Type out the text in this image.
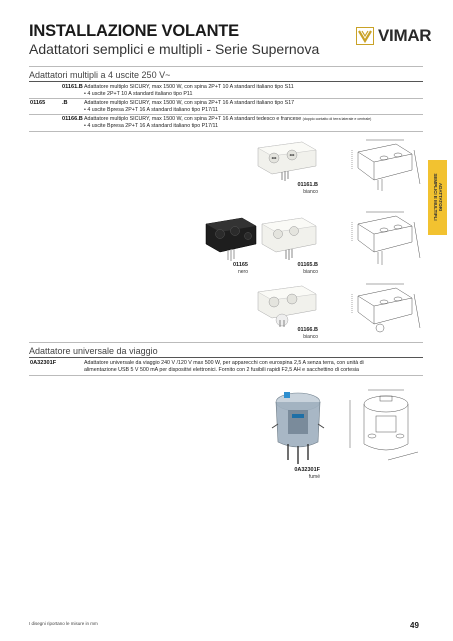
INSTALLAZIONE VOLANTE
Adattatori semplici e multipli - Serie Supernova
VIMAR
Adattatori multipli a 4 uscite 250 V~
01161.B Adattatore multiplo SICURY, max 1500 W, con spina 2P+T 10 A standard italiano tipo S11
• 4 uscite 2P+T 10 A standard italiano tipo P11
01165	.B	Adattatore multiplo SICURY, max 1500 W, con spina 2P+T 16 A standard italiano tipo S17
• 4 uscite Bpresa 2P+T 16 A standard italiano tipo P17/11
01166.B Adattatore multiplo SICURY, max 1500 W, con spina 2P+T 16 A standard tedesco e francese (doppio contatto di terra laterale e centrale)
• 4 uscite Bpresa 2P+T 16 A standard italiano tipo P17/11
ADATTATORI
SEMPLICI E MULTIPLI
01161.B
bianco
01165
nero
01165.B
bianco
01166.B
bianco
Adattatore universale da viaggio
0A32301F	Adattatore universale da viaggio 240 V /120 V max 500 W, per apparecchi con eurospina 2,5 A senza terra, con unità di
alimentazione USB 5 V 500 mA per dispositivi elettronici. Fornito con 2 fusibili rapidi F2,5 AH e sacchettino di cortesia
0A32301F
fumé
I disegni riportano le misure in mm	49
